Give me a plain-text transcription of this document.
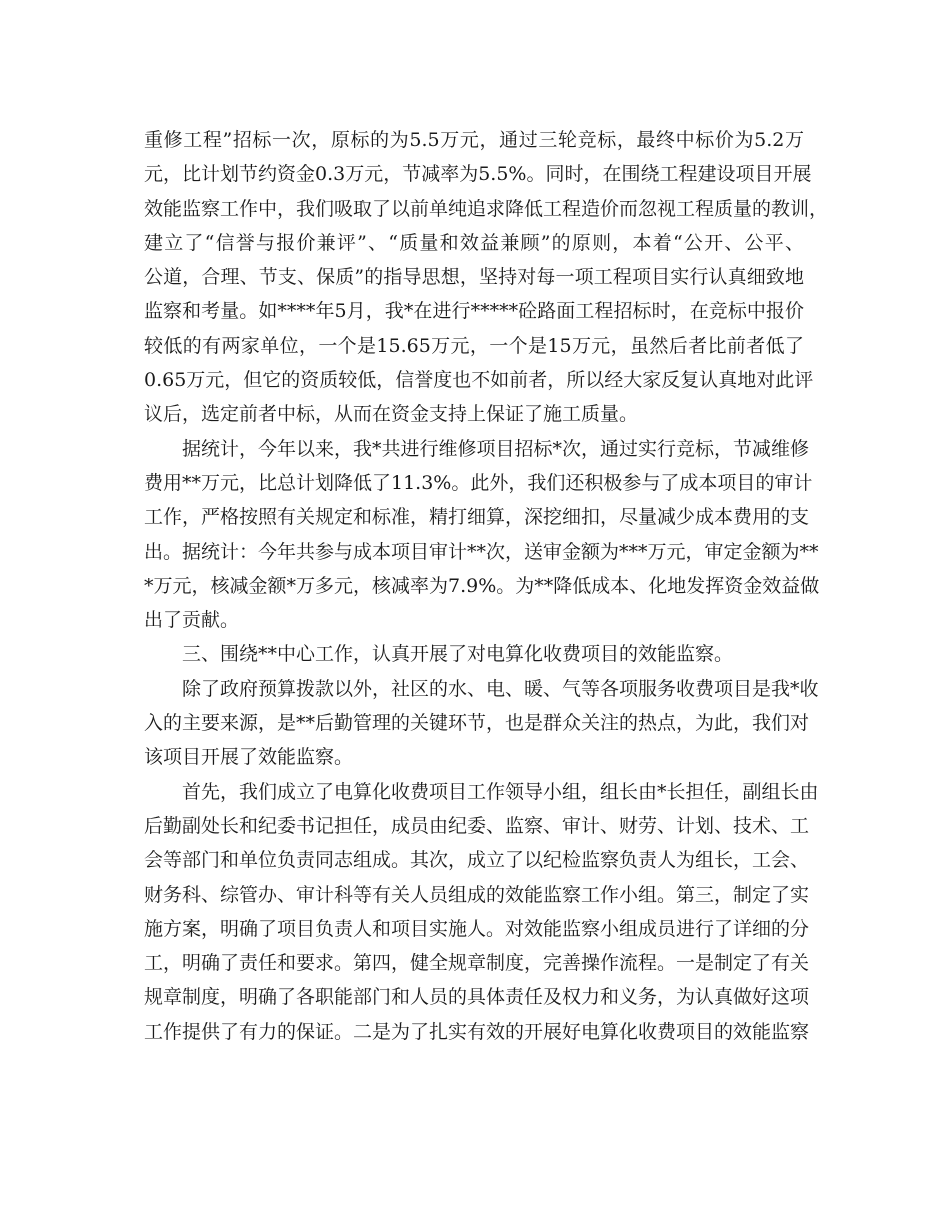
重修工程”招标一次，原标的为5.5万元，通过三轮竞标，最终中标价为5.2万
元，比计划节约资金0.3万元，节减率为5.5%。同时，在围绕工程建设项目开展
效能监察工作中，我们吸取了以前单纯追求降低工程造价而忽视工程质量的教训，
建立了“信誉与报价兼评”、“质量和效益兼顾”的原则，本着“公开、公平、
公道，合理、节支、保质”的指导思想，坚持对每一项工程项目实行认真细致地
监察和考量。如****年5月，我*在进行*****砼路面工程招标时，在竞标中报价
较低的有两家单位，一个是15.65万元，一个是15万元，虽然后者比前者低了
0.65万元，但它的资质较低，信誉度也不如前者，所以经大家反复认真地对此评
议后，选定前者中标，从而在资金支持上保证了施工质量。
据统计，今年以来，我*共进行维修项目招标*次，通过实行竞标，节减维修
费用**万元，比总计划降低了11.3%。此外，我们还积极参与了成本项目的审计
工作，严格按照有关规定和标准，精打细算，深挖细扣，尽量减少成本费用的支
出。据统计：今年共参与成本项目审计**次，送审金额为***万元，审定金额为**
*万元，核减金额*万多元，核减率为7.9%。为**降低成本、化地发挥资金效益做
出了贡献。
三、围绕**中心工作，认真开展了对电算化收费项目的效能监察。
除了政府预算拨款以外，社区的水、电、暖、气等各项服务收费项目是我*收
入的主要来源，是**后勤管理的关键环节，也是群众关注的热点，为此，我们对
该项目开展了效能监察。
首先，我们成立了电算化收费项目工作领导小组，组长由*长担任，副组长由
后勤副处长和纪委书记担任，成员由纪委、监察、审计、财劳、计划、技术、工
会等部门和单位负责同志组成。其次，成立了以纪检监察负责人为组长，工会、
财务科、综管办、审计科等有关人员组成的效能监察工作小组。第三，制定了实
施方案，明确了项目负责人和项目实施人。对效能监察小组成员进行了详细的分
工，明确了责任和要求。第四，健全规章制度，完善操作流程。一是制定了有关
规章制度，明确了各职能部门和人员的具体责任及权力和义务，为认真做好这项
工作提供了有力的保证。二是为了扎实有效的开展好电算化收费项目的效能监察
